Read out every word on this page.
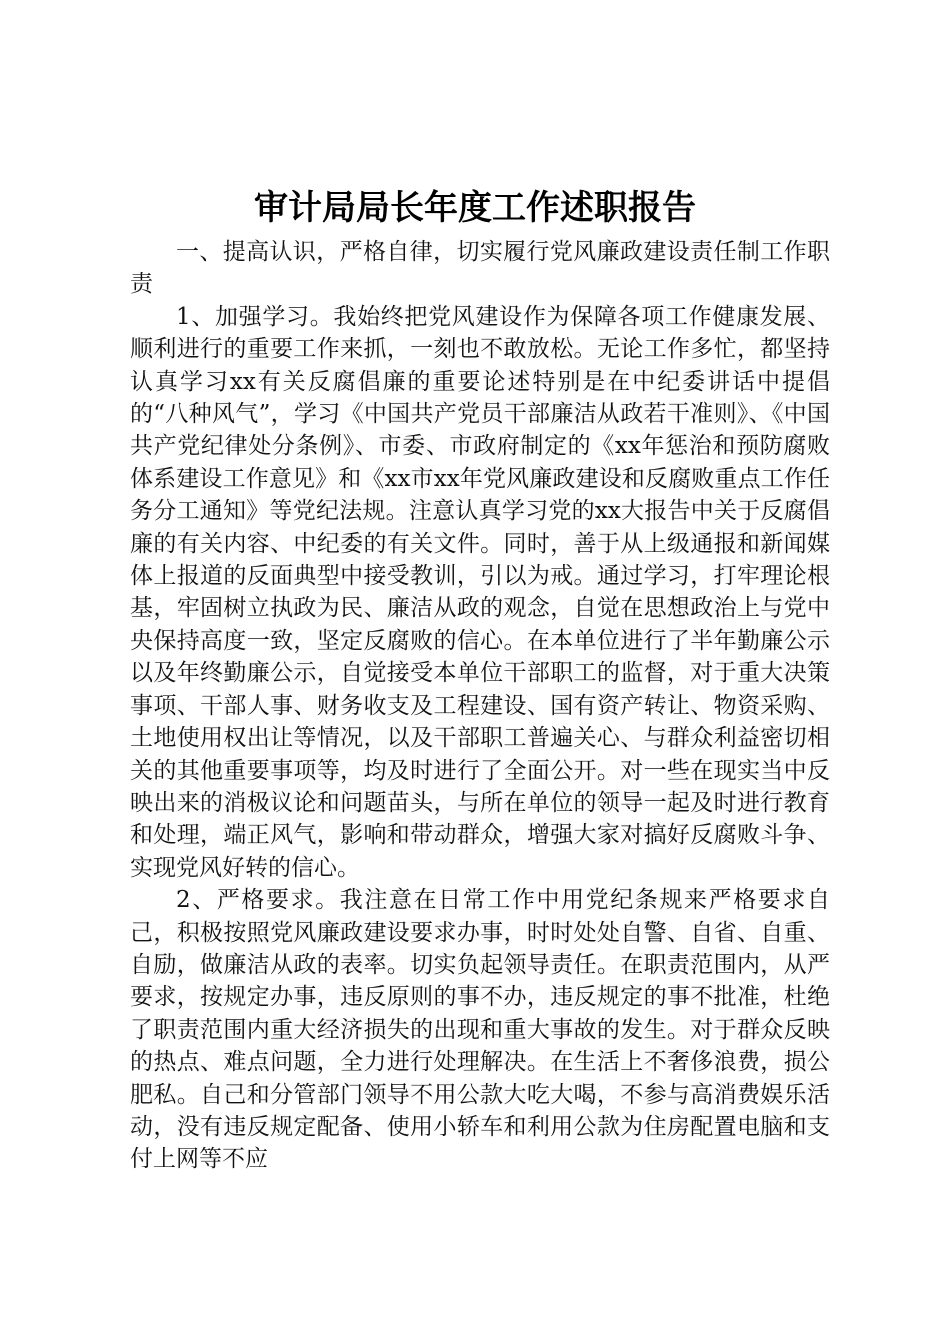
审计局局长年度工作述职报告

一、提高认识，严格自律，切实履行党风廉政建设责任制工作职责

1、加强学习。我始终把党风建设作为保障各项工作健康发展、顺利进行的重要工作来抓，一刻也不敢放松。无论工作多忙，都坚持认真学习xx有关反腐倡廉的重要论述特别是在中纪委讲话中提倡的“八种风气”，学习《中国共产党员干部廉洁从政若干准则》、《中国共产党纪律处分条例》、市委、市政府制定的《xx年惩治和预防腐败体系建设工作意见》和《xx市xx年党风廉政建设和反腐败重点工作任务分工通知》等党纪法规。注意认真学习党的xx大报告中关于反腐倡廉的有关内容、中纪委的有关文件。同时，善于从上级通报和新闻媒体上报道的反面典型中接受教训，引以为戒。通过学习，打牢理论根基，牢固树立执政为民、廉洁从政的观念，自觉在思想政治上与党中央保持高度一致，坚定反腐败的信心。在本单位进行了半年勤廉公示以及年终勤廉公示，自觉接受本单位干部职工的监督，对于重大决策事项、干部人事、财务收支及工程建设、国有资产转让、物资采购、土地使用权出让等情况，以及干部职工普遍关心、与群众利益密切相关的其他重要事项等，均及时进行了全面公开。对一些在现实当中反映出来的消极议论和问题苗头，与所在单位的领导一起及时进行教育和处理，端正风气，影响和带动群众，增强大家对搞好反腐败斗争、实现党风好转的信心。

2、严格要求。我注意在日常工作中用党纪条规来严格要求自己，积极按照党风廉政建设要求办事，时时处处自警、自省、自重、自励，做廉洁从政的表率。切实负起领导责任。在职责范围内，从严要求，按规定办事，违反原则的事不办，违反规定的事不批准，杜绝了职责范围内重大经济损失的出现和重大事故的发生。对于群众反映的热点、难点问题，全力进行处理解决。在生活上不奢侈浪费，损公肥私。自己和分管部门领导不用公款大吃大喝，不参与高消费娱乐活动，没有违反规定配备、使用小轿车和利用公款为住房配置电脑和支付上网等不应
